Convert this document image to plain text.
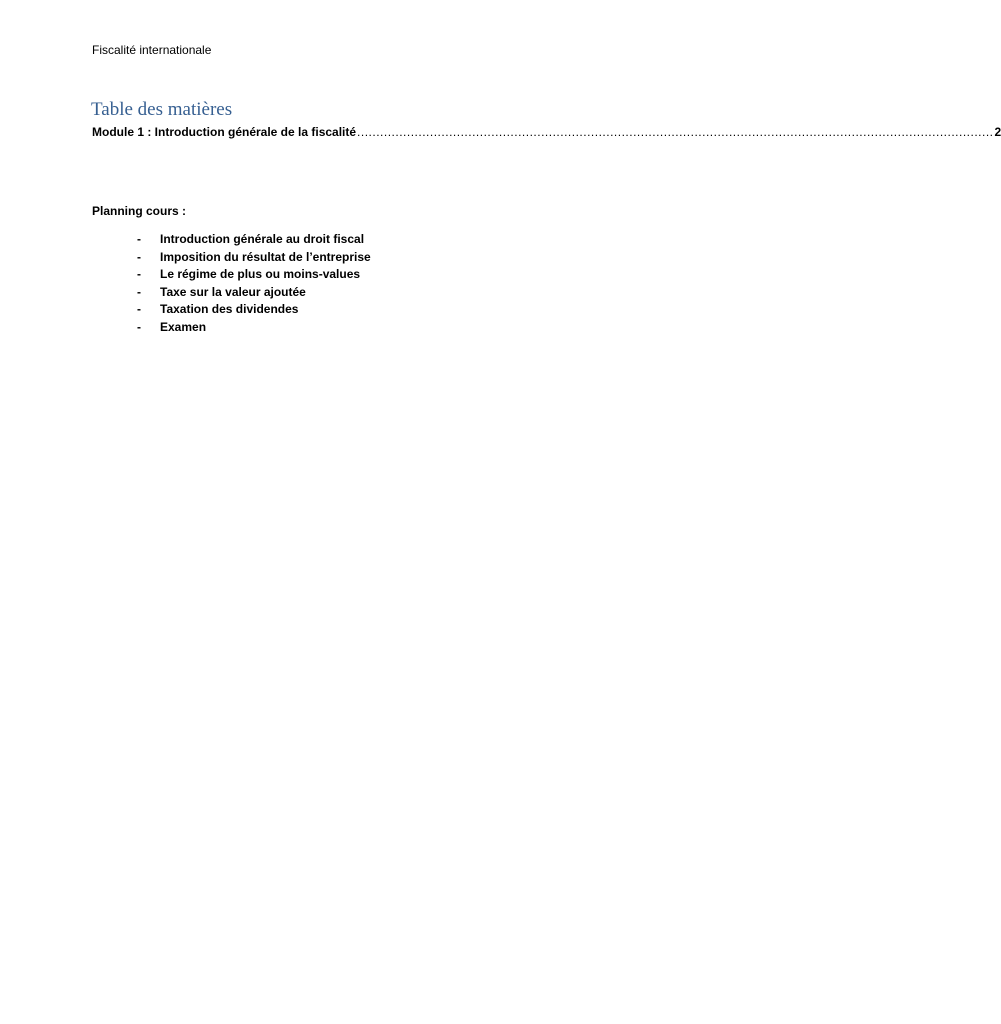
Fiscalité internationale
Table des matières
Module 1 : Introduction générale de la fiscalité ...................................................................................................................................................................... 2
Planning cours :
- Introduction générale au droit fiscal
- Imposition du résultat de l’entreprise
- Le régime de plus ou moins-values
- Taxe sur la valeur ajoutée
- Taxation des dividendes
- Examen
